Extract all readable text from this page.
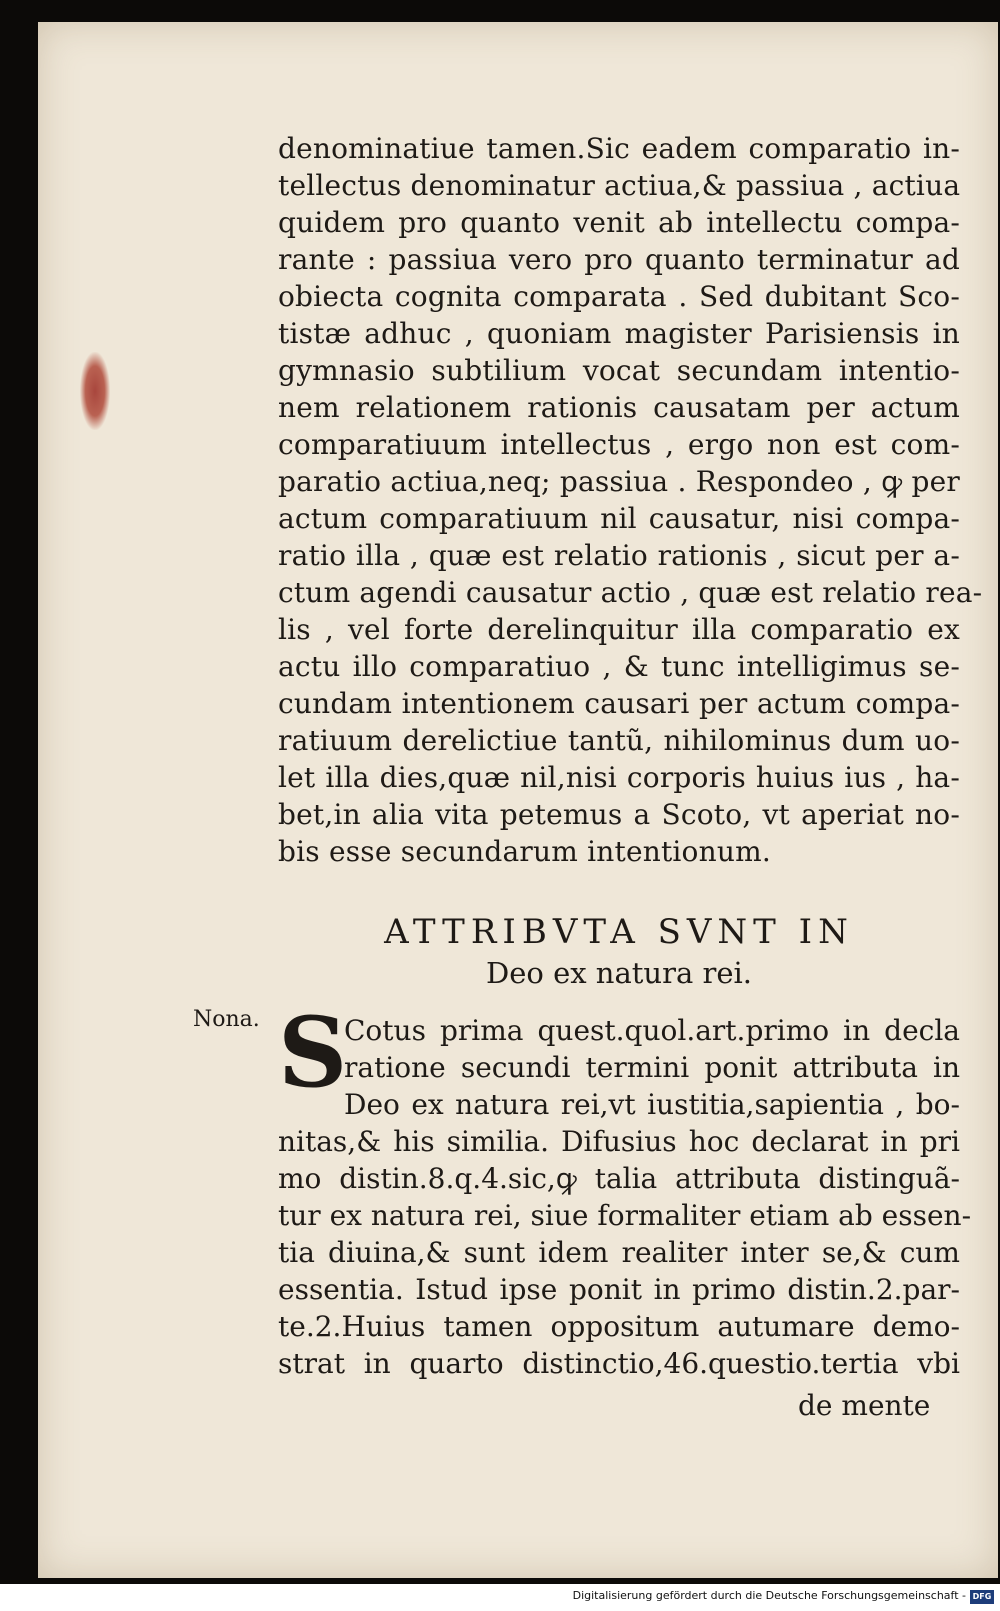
denominatiue tamen.Sic eadem comparatio in-
tellectus denominatur actiua,& passiua , actiua
quidem pro quanto venit ab intellectu compa-
rante : passiua vero pro quanto terminatur ad
obiecta cognita comparata . Sed dubitant Sco-
tistæ adhuc , quoniam magister Parisiensis in
gymnasio subtilium vocat secundam intentio-
nem relationem rationis causatam per actum
comparatiuum intellectus , ergo non est com-
paratio actiua,neq; passiua . Respondeo , ꝙ per
actum comparatiuum nil causatur, nisi compa-
ratio illa , quæ est relatio rationis , sicut per a-
ctum agendi causatur actio , quæ est relatio rea-
lis , vel forte derelinquitur illa comparatio ex
actu illo comparatiuo , & tunc intelligimus se-
cundam intentionem causari per actum compa-
ratiuum derelictiue tantũ, nihilominus dum uo-
let illa dies,quæ nil,nisi corporis huius ius , ha-
bet,in alia vita petemus a Scoto, vt aperiat no-
bis esse secundarum intentionum.
ATTRIBVTA SVNT IN
Deo ex natura rei.
Nona. S
Cotus prima quest.quol.art.primo in decla
ratione secundi termini ponit attributa in
Deo ex natura rei,vt iustitia,sapientia , bo-
nitas,& his similia. Difusius hoc declarat in pri
mo distin.8.q.4.sic,ꝙ talia attributa distinguã-
tur ex natura rei, siue formaliter etiam ab essen-
tia diuina,& sunt idem realiter inter se,& cum
essentia. Istud ipse ponit in primo distin.2.par-
te.2.Huius tamen oppositum autumare demo-
strat in quarto distinctio,46.questio.tertia vbi
de mente
Digitalisierung gefördert durch die Deutsche Forschungsgemeinschaft - DFG
